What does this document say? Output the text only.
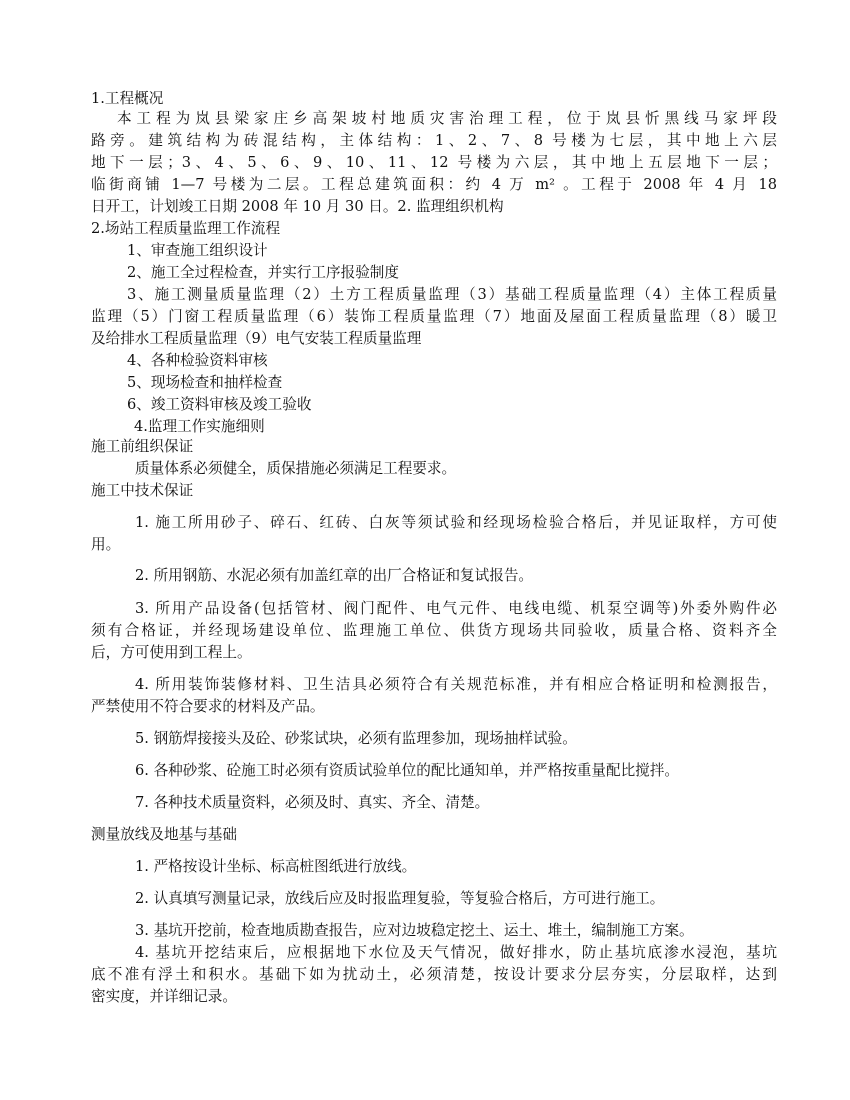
1.工程概况
本工程为岚县梁家庄乡高架坡村地质灾害治理工程，位于岚县忻黑线马家坪段
路旁。建筑结构为砖混结构，主体结构：1、2、7、8 号楼为七层，其中地上六层
地下一层；3、4、5、6、9、10、11、12 号楼为六层，其中地上五层地下一层；
临街商铺 1—7 号楼为二层。工程总建筑面积：约 4 万 m² 。工程于 2008 年 4 月 18
日开工，计划竣工日期 2008 年 10 月 30 日。2. 监理组织机构
2.场站工程质量监理工作流程
1、审查施工组织设计
2、施工全过程检查，并实行工序报验制度
3、施工测量质量监理（2）土方工程质量监理（3）基础工程质量监理（4）主体工程质量
监理（5）门窗工程质量监理（6）装饰工程质量监理（7）地面及屋面工程质量监理（8）暖卫
及给排水工程质量监理（9）电气安装工程质量监理
4、各种检验资料审核
5、现场检查和抽样检查
6、竣工资料审核及竣工验收
4.监理工作实施细则
施工前组织保证
质量体系必须健全，质保措施必须满足工程要求。
施工中技术保证
1. 施工所用砂子、碎石、红砖、白灰等须试验和经现场检验合格后，并见证取样，方可使
用。
2. 所用钢筋、水泥必须有加盖红章的出厂合格证和复试报告。
3. 所用产品设备(包括管材、阀门配件、电气元件、电线电缆、机泵空调等)外委外购件必
须有合格证，并经现场建设单位、监理施工单位、供货方现场共同验收，质量合格、资料齐全
后，方可使用到工程上。
4. 所用装饰装修材料、卫生洁具必须符合有关规范标准，并有相应合格证明和检测报告，
严禁使用不符合要求的材料及产品。
5. 钢筋焊接接头及砼、砂浆试块，必须有监理参加，现场抽样试验。
6. 各种砂浆、砼施工时必须有资质试验单位的配比通知单，并严格按重量配比搅拌。
7. 各种技术质量资料，必须及时、真实、齐全、清楚。
测量放线及地基与基础
1. 严格按设计坐标、标高桩图纸进行放线。
2. 认真填写测量记录，放线后应及时报监理复验，等复验合格后，方可进行施工。
3. 基坑开挖前，检查地质勘查报告，应对边坡稳定挖土、运土、堆土，编制施工方案。
4. 基坑开挖结束后，应根据地下水位及天气情况，做好排水，防止基坑底渗水浸泡，基坑
底不准有浮土和积水。基础下如为扰动土，必须清楚，按设计要求分层夯实，分层取样，达到
密实度，并详细记录。
